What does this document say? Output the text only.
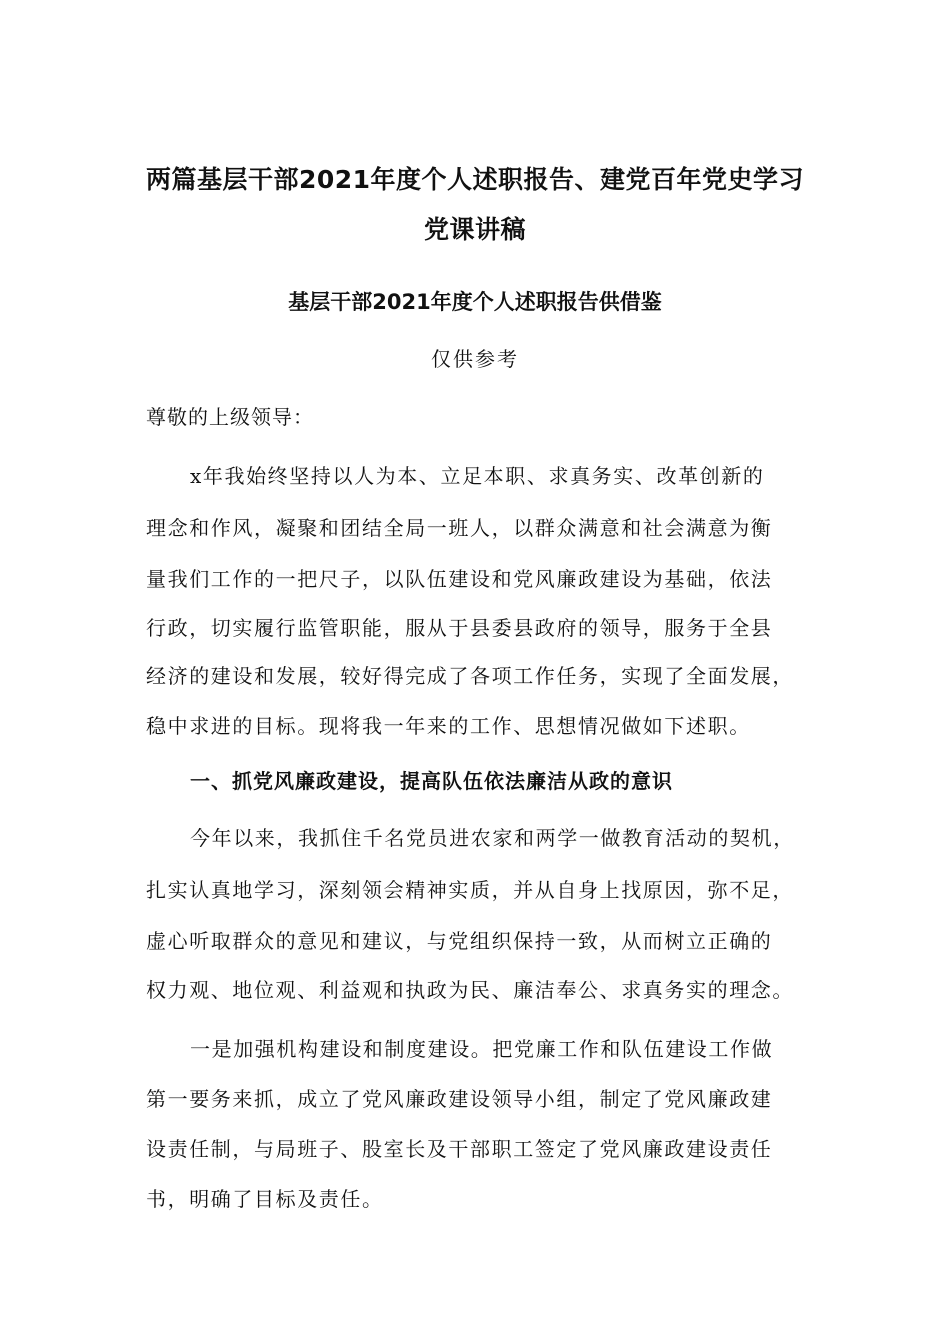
两篇基层干部2021年度个人述职报告、建党百年党史学习

党课讲稿

基层干部2021年度个人述职报告供借鉴

仅供参考

尊敬的上级领导：

x年我始终坚持以人为本、立足本职、求真务实、改革创新的

理念和作风，凝聚和团结全局一班人，以群众满意和社会满意为衡

量我们工作的一把尺子，以队伍建设和党风廉政建设为基础，依法

行政，切实履行监管职能，服从于县委县政府的领导，服务于全县

经济的建设和发展，较好得完成了各项工作任务，实现了全面发展，

稳中求进的目标。现将我一年来的工作、思想情况做如下述职。

一、抓党风廉政建设，提高队伍依法廉洁从政的意识

今年以来，我抓住千名党员进农家和两学一做教育活动的契机，

扎实认真地学习，深刻领会精神实质，并从自身上找原因，弥不足，

虚心听取群众的意见和建议，与党组织保持一致，从而树立正确的

权力观、地位观、利益观和执政为民、廉洁奉公、求真务实的理念。

一是加强机构建设和制度建设。把党廉工作和队伍建设工作做

第一要务来抓，成立了党风廉政建设领导小组，制定了党风廉政建

设责任制，与局班子、股室长及干部职工签定了党风廉政建设责任

书，明确了目标及责任。
